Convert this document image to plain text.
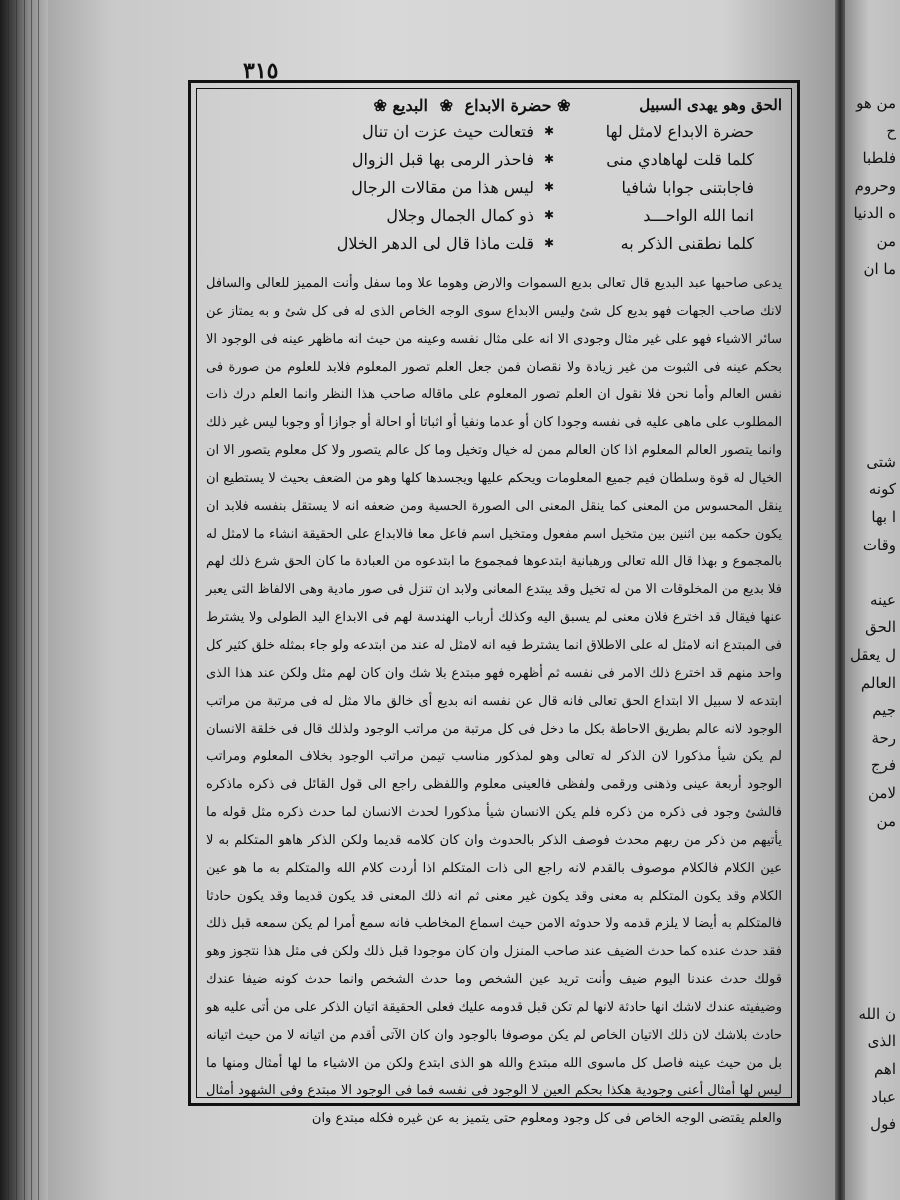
من هو
ح
فلطبا
وحروم
ه الدنيا
من
ما ان
شتى
كونه
ا بها
وقات
عينه
الحق
ل يعقل
العالم
جيم
رحة
فرج
لامن
من
ن الله
الذى
اهم
عباد
فول
٣١٥
الحق وهو يهدى السبيل
❀ حضرة الابداع ❀ البديع ❀
حضرة الابداع لامثل لها
✱
فتعالت حيث عزت ان تنال
كلما قلت لهاهادي منى
✱
فاحذر الرمى بها قبل الزوال
فاجابتنى جوابا شافيا
✱
ليس هذا من مقالات الرجال
انما الله الواحـــد
✱
ذو كمال الجمال وجلال
كلما نطقنى الذكر به
✱
قلت ماذا قال لى الدهر الخلال

يدعى صاحبها عبد البديع قال تعالى بديع السموات والارض وهوما علا وما سفل وأنت المميز للعالى والسافل لانك صاحب الجهات فهو بديع كل شئ وليس الابداع سوى الوجه الخاص الذى له فى كل شئ و به يمتاز عن سائر الاشياء فهو على غير مثال وجودى الا انه على مثال نفسه وعينه من حيث انه ماظهر عينه فى الوجود الا بحكم عينه فى الثبوت من غير زيادة ولا نقصان فمن جعل العلم تصور المعلوم فلابد للعلوم من صورة فى نفس العالم وأما نحن فلا نقول ان العلم تصور المعلوم على ماقاله صاحب هذا النظر وانما العلم درك ذات المطلوب على ماهى عليه فى نفسه وجودا كان أو عدما ونفيا أو اثباتا أو احالة أو جوازا أو وجوبا ليس غير ذلك وانما يتصور العالم المعلوم اذا كان العالم ممن له خيال وتخيل وما كل عالم يتصور ولا كل معلوم يتصور الا ان الخيال له قوة وسلطان فيم جميع المعلومات ويحكم عليها ويجسدها كلها وهو من الضعف بحيث لا يستطيع ان ينقل المحسوس من المعنى كما ينقل المعنى الى الصورة الحسية ومن ضعفه انه لا يستقل بنفسه فلابد ان يكون حكمه بين اثنين بين متخيل اسم مفعول ومتخيل اسم فاعل معا فالابداع على الحقيقة انشاء ما لامثل له بالمجموع و بهذا قال الله تعالى ورهبانية ابتدعوها فمجموع ما ابتدعوه من العبادة ما كان الحق شرع ذلك لهم فلا بديع من المخلوقات الا من له تخيل وقد يبتدع المعانى ولابد ان تنزل فى صور مادية وهى الالفاظ التى يعبر عنها فيقال قد اخترع فلان معنى لم يسبق اليه وكذلك أرباب الهندسة لهم فى الابداع اليد الطولى ولا يشترط فى المبتدع انه لامثل له على الاطلاق انما يشترط فيه انه لامثل له عند من ابتدعه ولو جاء بمثله خلق كثير كل واحد منهم قد اخترع ذلك الامر فى نفسه ثم أظهره فهو مبتدع بلا شك وان كان لهم مثل ولكن عند هذا الذى ابتدعه لا سبيل الا ابتداع الحق تعالى فانه قال عن نفسه انه بديع أى خالق مالا مثل له فى مرتبة من مراتب الوجود لانه عالم بطريق الاحاطة بكل ما دخل فى كل مرتبة من مراتب الوجود ولذلك قال فى خلقة الانسان لم يكن شيأ مذكورا لان الذكر له تعالى وهو لمذكور مناسب تيمن مراتب الوجود بخلاف المعلوم ومراتب الوجود أربعة عينى وذهنى ورقمى ولفظى فالعينى معلوم واللفظى راجع الى قول القائل فى ذكره ماذكره فالشئ وجود فى ذكره من ذكره فلم يكن الانسان شيأ مذكورا لحدث الانسان لما حدث ذكره مثل قوله ما يأتيهم من ذكر من ربهم محدث فوصف الذكر بالحدوث وان كان كلامه قديما ولكن الذكر هاهو المتكلم به لا عين الكلام فالكلام موصوف بالقدم لانه راجع الى ذات المتكلم اذا أردت كلام الله والمتكلم به ما هو عين الكلام وقد يكون المتكلم به معنى وقد يكون غير معنى ثم انه ذلك المعنى قد يكون قديما وقد يكون حادثا فالمتكلم به أيضا لا يلزم قدمه ولا حدوثه الامن حيث اسماع المخاطب فانه سمع أمرا لم يكن سمعه قبل ذلك فقد حدث عنده كما حدث الضيف عند صاحب المنزل وان كان موجودا قبل ذلك ولكن فى مثل هذا نتجوز وهو قولك حدث عندنا اليوم ضيف وأنت تريد عين الشخص وما حدث الشخص وانما حدث كونه ضيفا عندك وضيفيته عندك لاشك انها حادثة لانها لم تكن قبل قدومه عليك فعلى الحقيقة اتيان الذكر على من أتى عليه هو حادث بلاشك لان ذلك الاتيان الخاص لم يكن موصوفا بالوجود وان كان الآتى أقدم من اتيانه لا من حيث اتيانه بل من حيث عينه فاصل كل ماسوى الله مبتدع والله هو الذى ابتدع ولكن من الاشياء ما لها أمثال ومنها ما ليس لها أمثال أعنى وجودية هكذا بحكم العين لا الوجود فى نفسه فما فى الوجود الا مبتدع وفى الشهود أمثال والعلم يقتضى الوجه الخاص فى كل وجود ومعلوم حتى يتميز به عن غيره فكله مبتدع وان
